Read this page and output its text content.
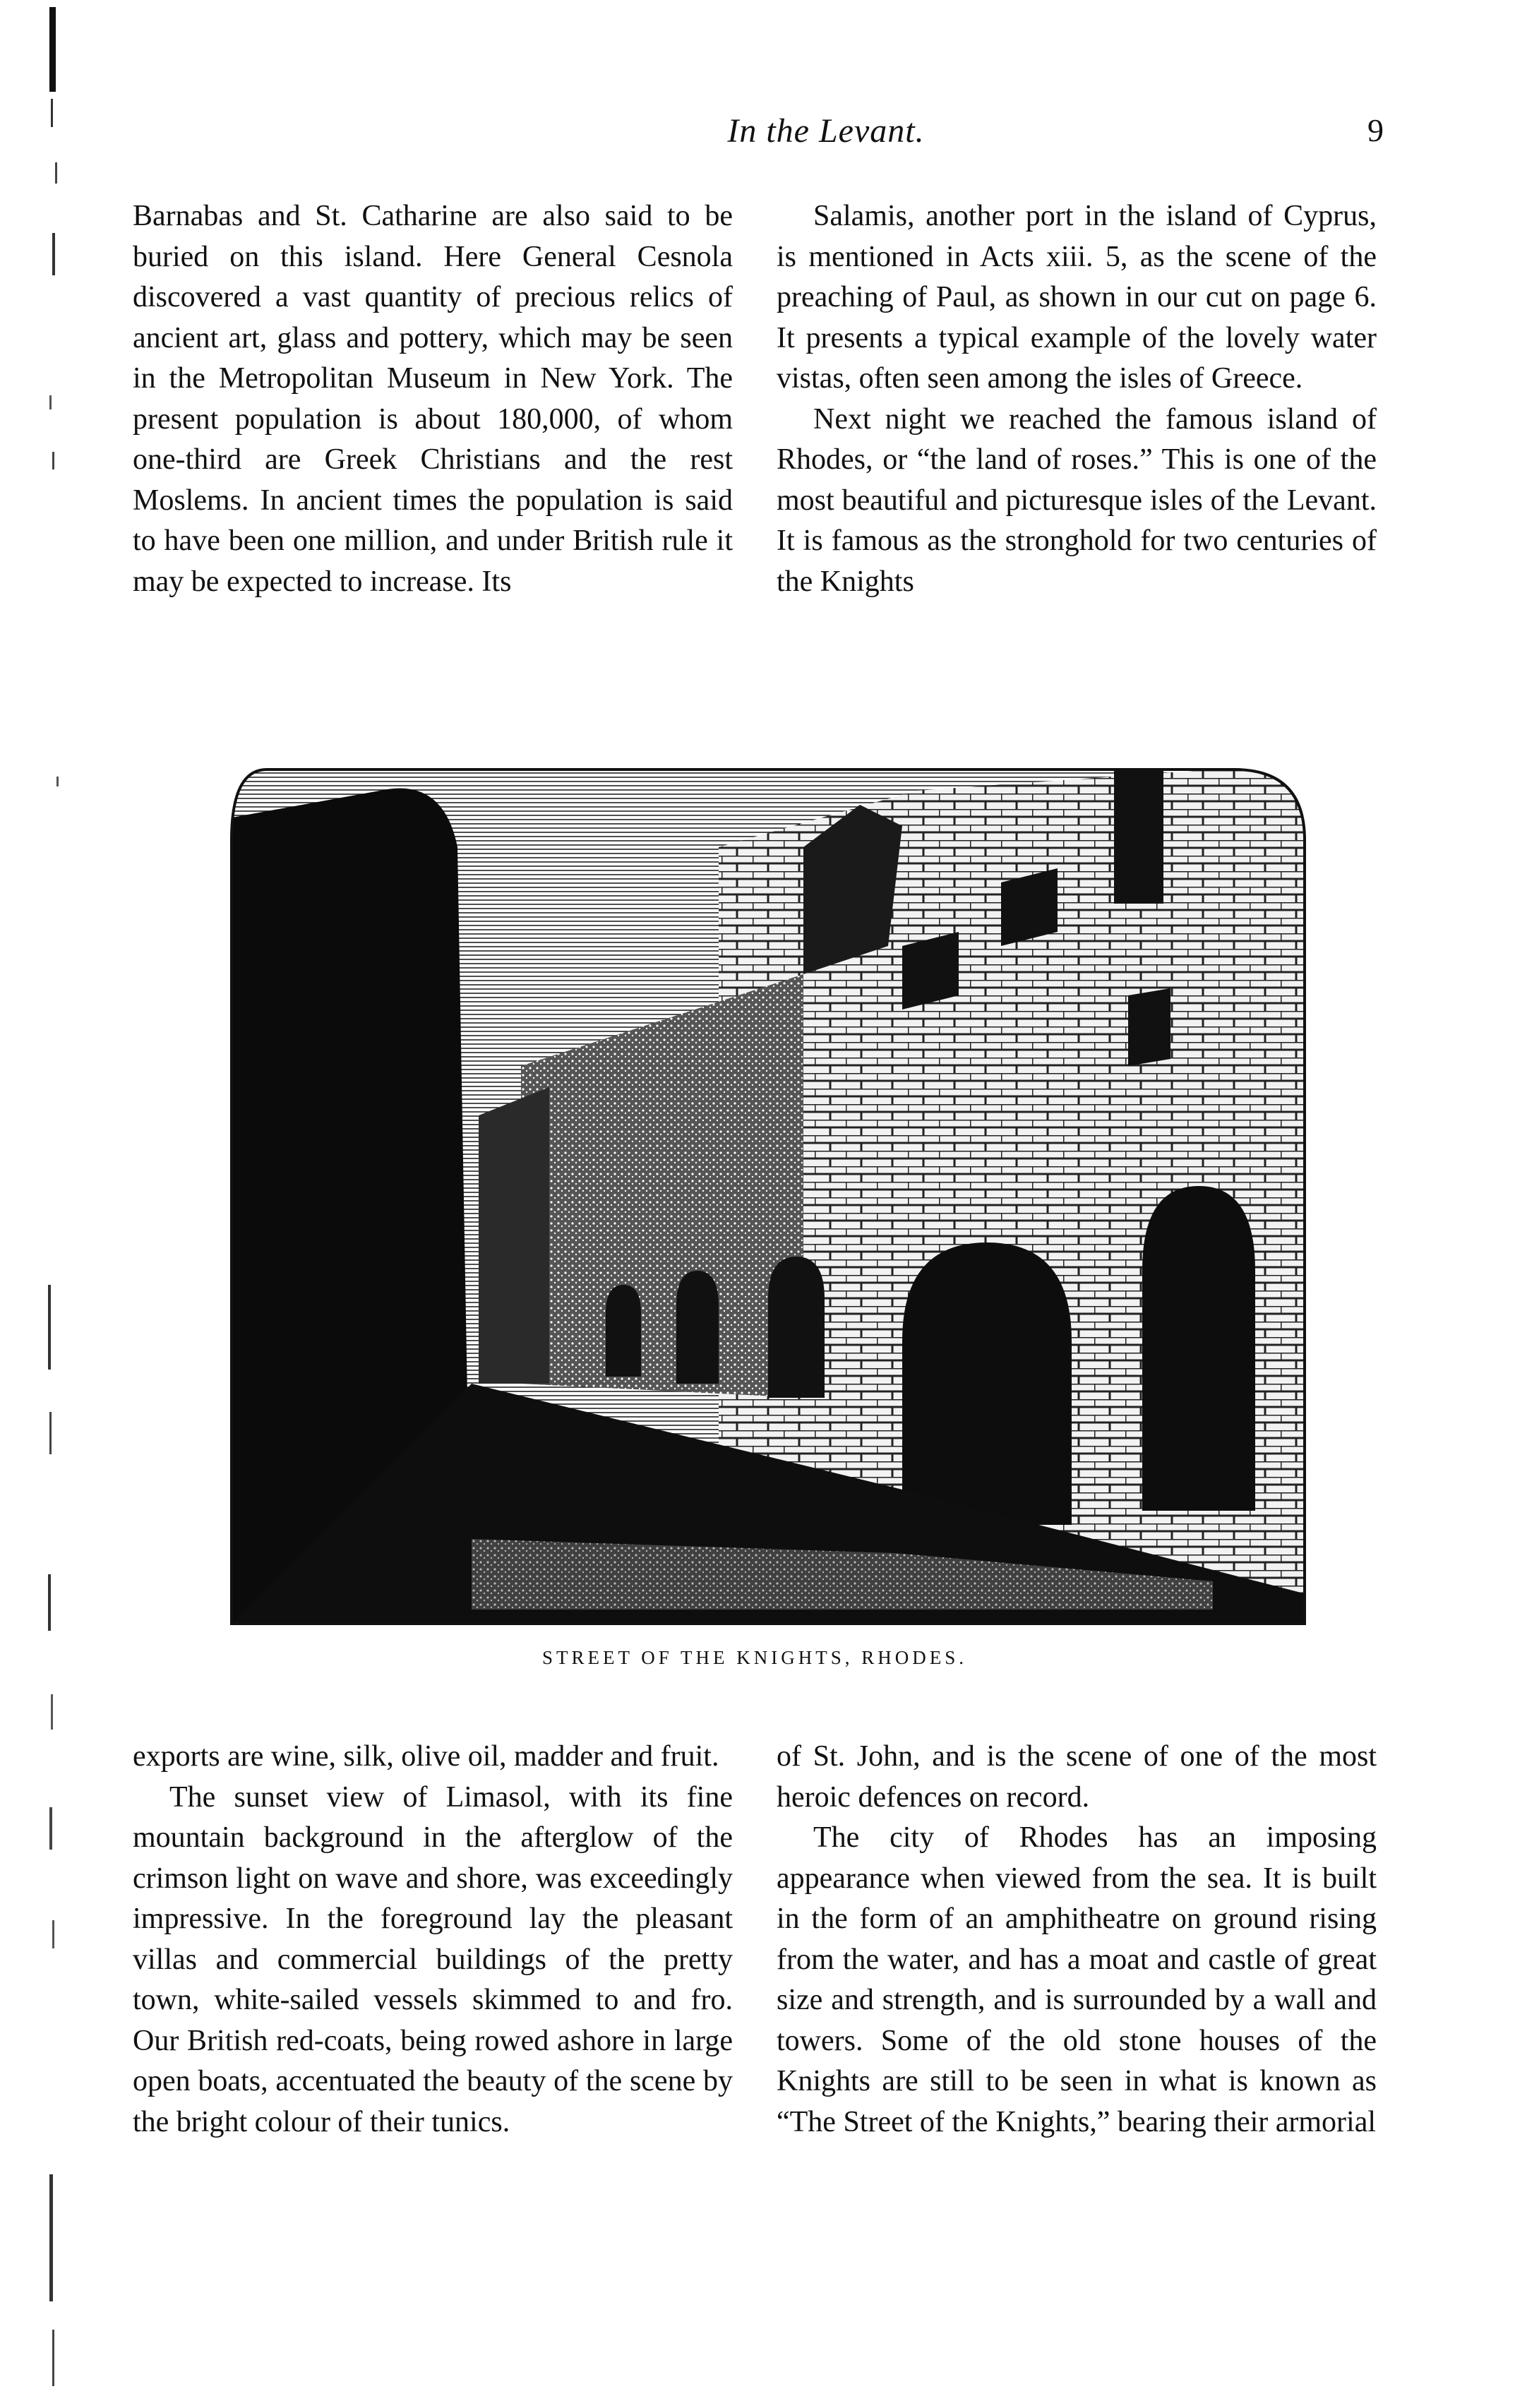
In the Levant.	9

Barnabas and St. Catharine are also said to be buried on this island. Here General Cesnola discovered a vast quantity of precious relics of ancient art, glass and pottery, which may be seen in the Metropolitan Museum in New York. The present population is about 180,000, of whom one-third are Greek Christians and the rest Moslems. In ancient times the population is said to have been one million, and under British rule it may be expected to increase. Its

Salamis, another port in the island of Cyprus, is mentioned in Acts xiii. 5, as the scene of the preaching of Paul, as shown in our cut on page 6. It presents a typical example of the lovely water vistas, often seen among the isles of Greece.

Next night we reached the famous island of Rhodes, or “the land of roses.” This is one of the most beautiful and picturesque isles of the Levant. It is famous as the stronghold for two centuries of the Knights

STREET OF THE KNIGHTS, RHODES.

exports are wine, silk, olive oil, madder and fruit.

The sunset view of Limasol, with its fine mountain background in the afterglow of the crimson light on wave and shore, was exceedingly impressive. In the foreground lay the pleasant villas and commercial buildings of the pretty town, white-sailed vessels skimmed to and fro. Our British red-coats, being rowed ashore in large open boats, accentuated the beauty of the scene by the bright colour of their tunics.

of St. John, and is the scene of one of the most heroic defences on record.

The city of Rhodes has an imposing appearance when viewed from the sea. It is built in the form of an amphitheatre on ground rising from the water, and has a moat and castle of great size and strength, and is surrounded by a wall and towers. Some of the old stone houses of the Knights are still to be seen in what is known as “The Street of the Knights,” bearing their armorial
